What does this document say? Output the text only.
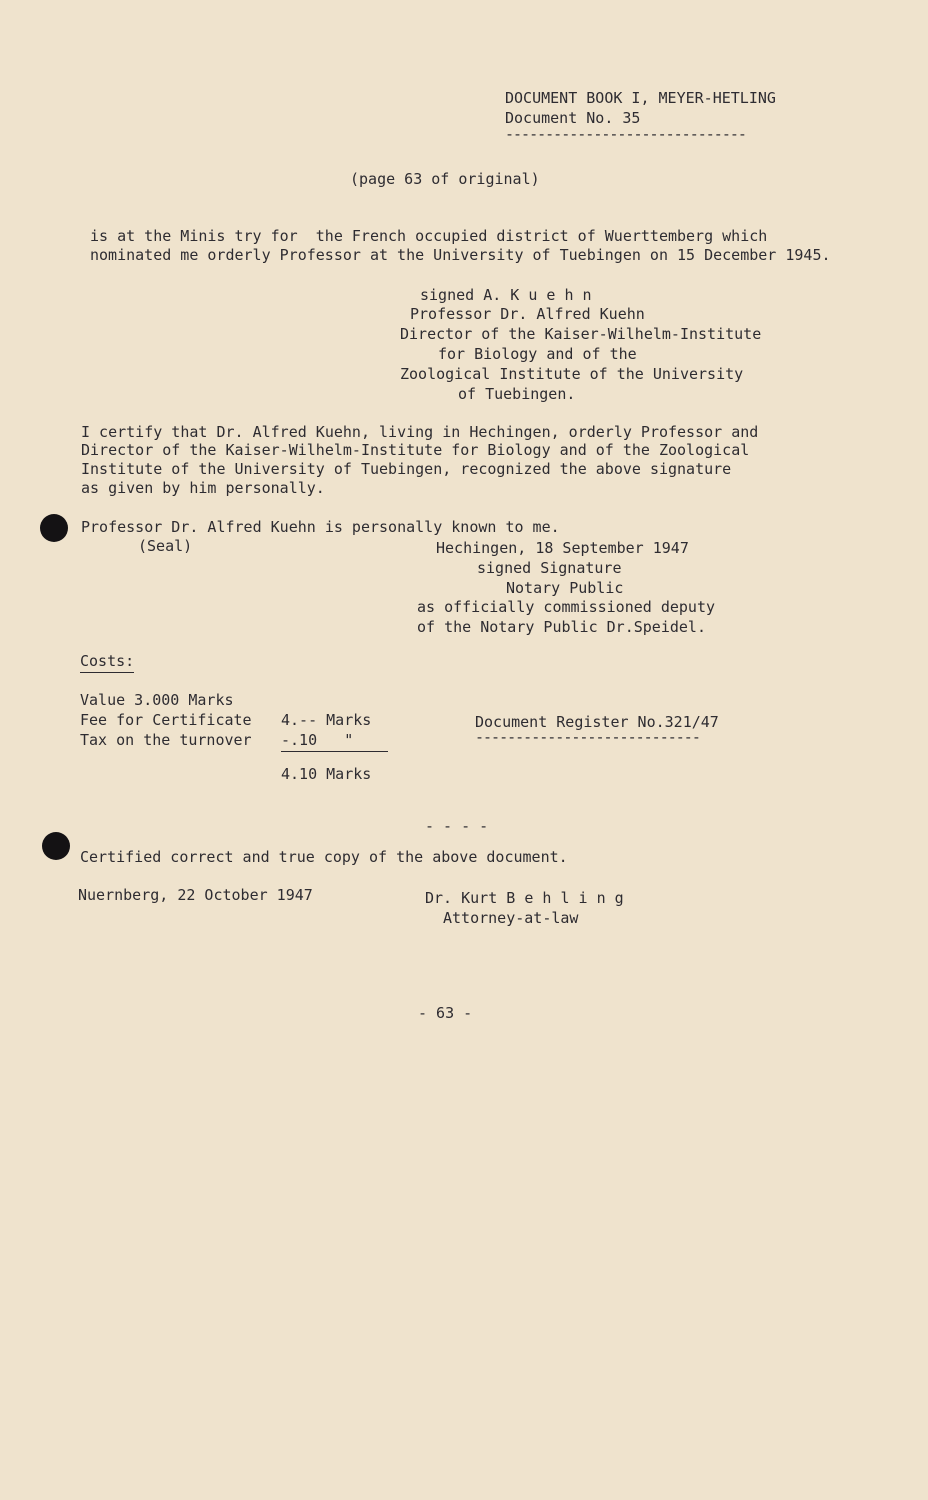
DOCUMENT BOOK I, MEYER-HETLING
Document No. 35
------------------------------
(page 63 of original)
is at the Minis try for  the French occupied district of Wuerttemberg which
nominated me orderly Professor at the University of Tuebingen on 15 December 1945.
signed A. K u e h n
Professor Dr. Alfred Kuehn
Director of the Kaiser-Wilhelm-Institute
for Biology and of the
Zoological Institute of the University
of Tuebingen.
I certify that Dr. Alfred Kuehn, living in Hechingen, orderly Professor and
Director of the Kaiser-Wilhelm-Institute for Biology and of the Zoological
Institute of the University of Tuebingen, recognized the above signature
as given by him personally.
Professor Dr. Alfred Kuehn is personally known to me.
(Seal)	Hechingen, 18 September 1947
signed Signature
Notary Public
as officially commissioned deputy
of the Notary Public Dr.Speidel.
Costs:
Value 3.000 Marks
Fee for Certificate 4.-- Marks
Tax on the turnover -.10   "
4.10 Marks
Document Register No.321/47
----------------------------
- - - -
Certified correct and true copy of the above document.
Nuernberg, 22 October 1947	Dr. Kurt B e h l i n g
Attorney-at-law
- 63 -
